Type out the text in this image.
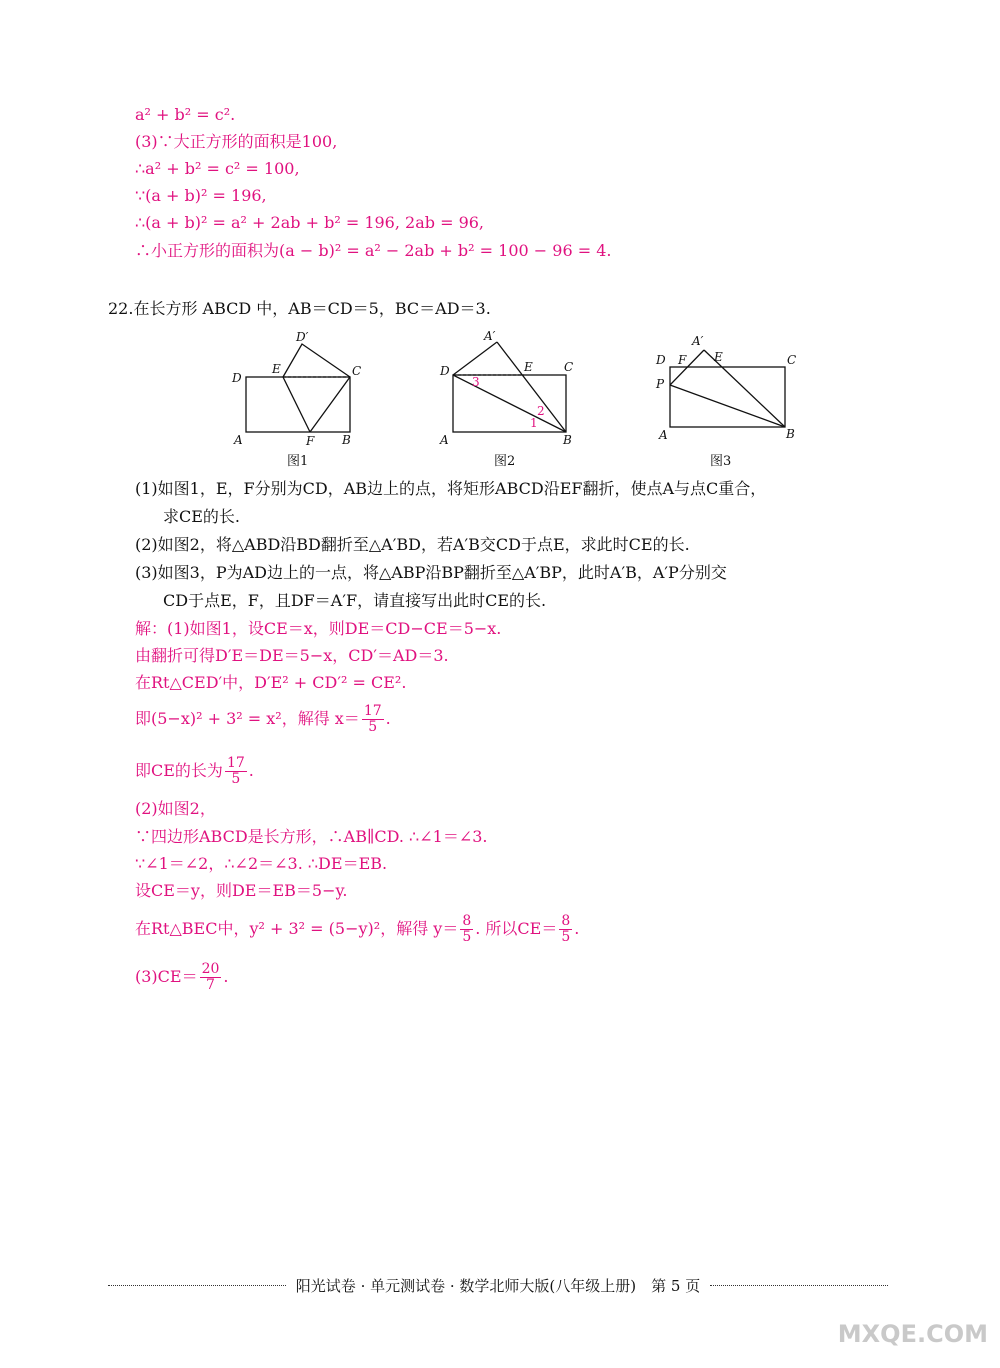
a² + b² = c².
(3)∵大正方形的面积是100,
∴a² + b² = c² = 100,
∵(a + b)² = 196,
∴(a + b)² = a² + 2ab + b² = 196, 2ab = 96,
∴小正方形的面积为(a − b)² = a² − 2ab + b² = 100 − 96 = 4.
22.在长方形 ABCD 中，AB＝CD＝5，BC＝AD＝3.
D′
D
E	C
A	F B
A′
D	E	C
A	B
A′
D F E	C
P
A	B
3
1
2
图1	图2	图3
(1)如图1，E，F分别为CD，AB边上的点，将矩形ABCD沿EF翻折，使点A与点C重合，
求CE的长.
(2)如图2，将△ABD沿BD翻折至△A′BD，若A′B交CD于点E，求此时CE的长.
(3)如图3，P为AD边上的一点，将△ABP沿BP翻折至△A′BP，此时A′B，A′P分别交
CD于点E，F，且DF＝A′F，请直接写出此时CE的长.
解：(1)如图1，设CE＝x，则DE＝CD−CE＝5−x.
由翻折可得D′E＝DE＝5−x，CD′＝AD＝3.
在Rt△CED′中，D′E² + CD′² = CE².
即(5−x)² + 3² = x²，解得 $x= \frac{17}{5}$ .
即CE的长为 $\frac{17}{5}$ .
(2)如图2，
∵四边形ABCD是长方形，∴AB∥CD. ∴∠1＝∠3.
∵∠1＝∠2，∴∠2＝∠3. ∴DE＝EB.
设CE＝y，则DE＝EB＝5−y.
在Rt△BEC中，y² + 3² = (5−y)²，解得 $y= \frac{8}{5}$ . 所以$CE= \frac{8}{5}$ .
$(3)CE= \frac{20}{7}$ .
阳光试卷 · 单元测试卷 · 数学北师大版(八年级上册)　第 5 页
MXQE.COM
